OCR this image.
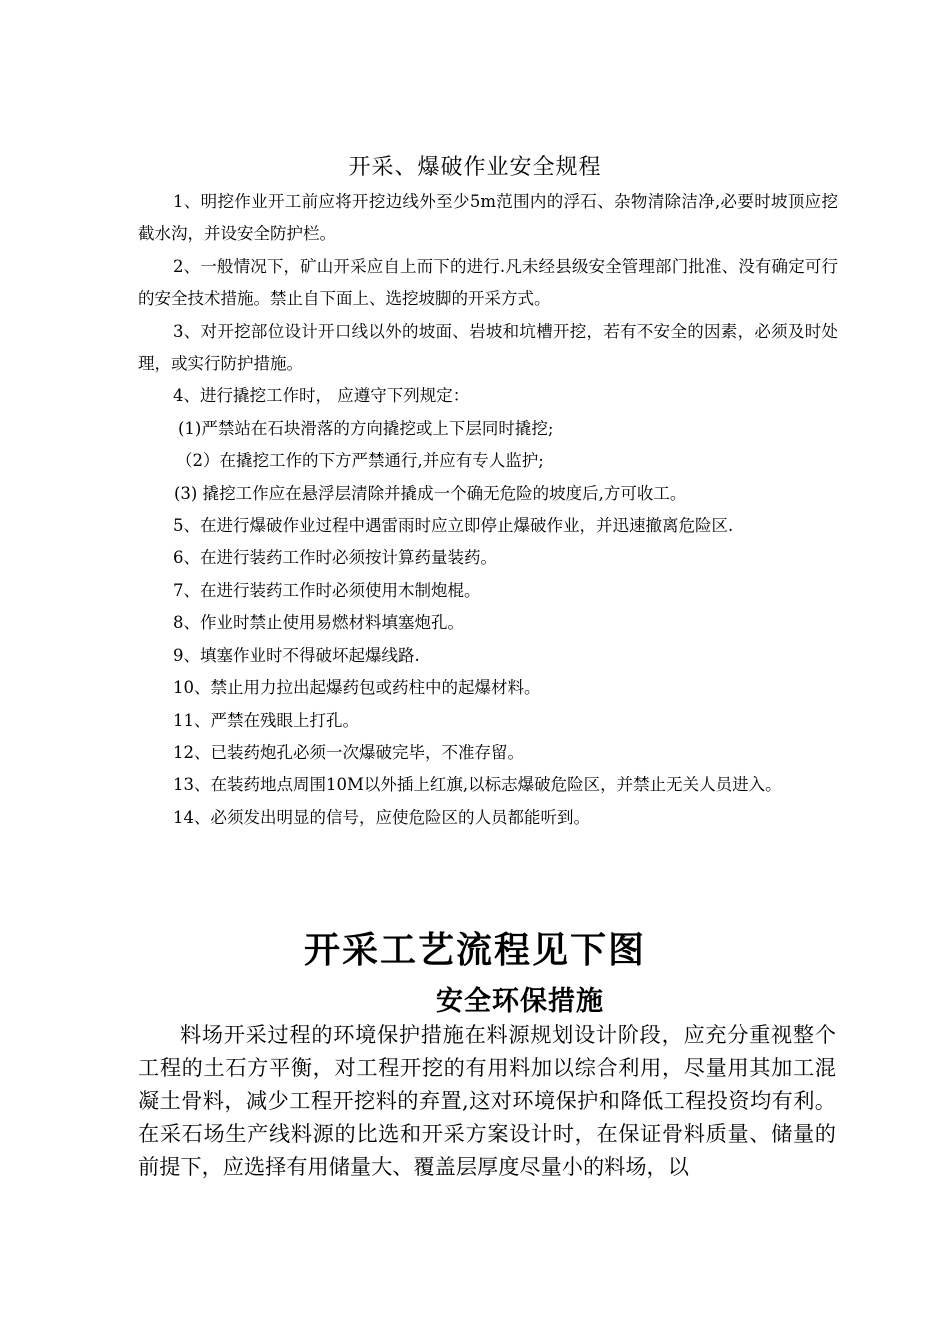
开采、爆破作业安全规程
1、明挖作业开工前应将开挖边线外至少5m范围内的浮石、杂物清除洁净,必要时坡顶应挖截水沟，并设安全防护栏。
2、一般情况下，矿山开采应自上而下的进行.凡未经县级安全管理部门批准、没有确定可行的安全技术措施。禁止自下面上、选挖坡脚的开采方式。
3、对开挖部位设计开口线以外的坡面、岩坡和坑槽开挖，若有不安全的因素，必须及时处理，或实行防护措施。
4、进行撬挖工作时， 应遵守下列规定：
(1)严禁站在石块滑落的方向撬挖或上下层同时撬挖;
（2）在撬挖工作的下方严禁通行,并应有专人监护;
(3) 撬挖工作应在悬浮层清除并撬成一个确无危险的坡度后,方可收工。
5、在进行爆破作业过程中遇雷雨时应立即停止爆破作业，并迅速撤离危险区.
6、在进行装药工作时必须按计算药量装药。
7、在进行装药工作时必须使用木制炮棍。
8、作业时禁止使用易燃材料填塞炮孔。
9、填塞作业时不得破坏起爆线路.
10、禁止用力拉出起爆药包或药柱中的起爆材料。
11、严禁在残眼上打孔。
12、已装药炮孔必须一次爆破完毕，不准存留。
13、在装药地点周围10M以外插上红旗,以标志爆破危险区，并禁止无关人员进入。
14、必须发出明显的信号，应使危险区的人员都能听到。
开采工艺流程见下图
安全环保措施

料场开采过程的环境保护措施在料源规划设计阶段，应充分重视整个工程的土石方平衡，对工程开挖的有用料加以综合利用，尽量用其加工混凝土骨料，减少工程开挖料的弃置,这对环境保护和降低工程投资均有利。在采石场生产线料源的比选和开采方案设计时，在保证骨料质量、储量的前提下，应选择有用储量大、覆盖层厚度尽量小的料场，以
